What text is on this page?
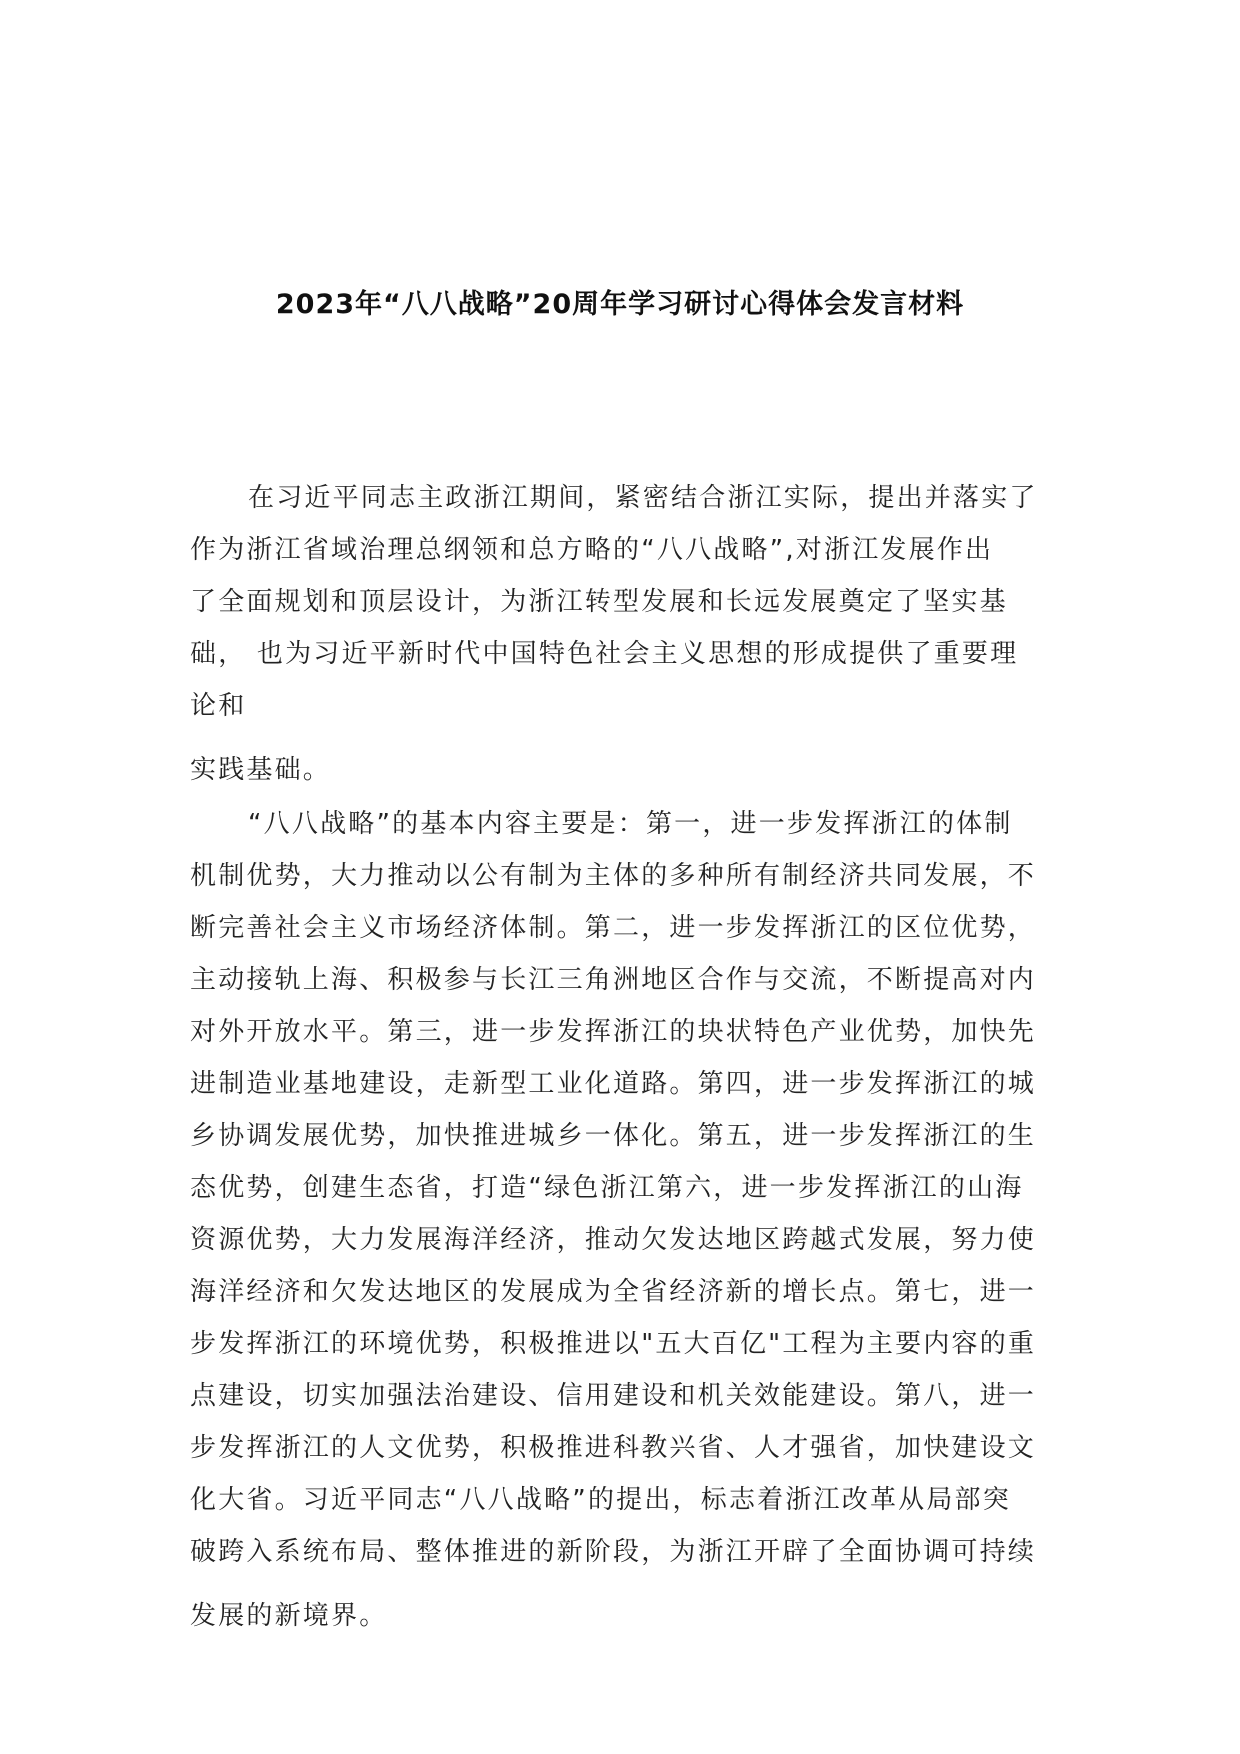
2023年“八八战略”20周年学习研讨心得体会发言材料
在习近平同志主政浙江期间，紧密结合浙江实际，提出并落实了
作为浙江省域治理总纲领和总方略的“八八战略”,对浙江发展作出
了全面规划和顶层设计，为浙江转型发展和长远发展奠定了坚实基
础， 也为习近平新时代中国特色社会主义思想的形成提供了重要理
论和
实践基础。
“八八战略”的基本内容主要是：第一，进一步发挥浙江的体制
机制优势，大力推动以公有制为主体的多种所有制经济共同发展，不
断完善社会主义市场经济体制。第二，进一步发挥浙江的区位优势，
主动接轨上海、积极参与长江三角洲地区合作与交流，不断提高对内
对外开放水平。第三，进一步发挥浙江的块状特色产业优势，加快先
进制造业基地建设，走新型工业化道路。第四，进一步发挥浙江的城
乡协调发展优势，加快推进城乡一体化。第五，进一步发挥浙江的生
态优势，创建生态省，打造“绿色浙江第六，进一步发挥浙江的山海
资源优势，大力发展海洋经济，推动欠发达地区跨越式发展，努力使
海洋经济和欠发达地区的发展成为全省经济新的增长点。第七，进一
步发挥浙江的环境优势，积极推进以"五大百亿"工程为主要内容的重
点建设，切实加强法治建设、信用建设和机关效能建设。第八，进一
步发挥浙江的人文优势，积极推进科教兴省、人才强省，加快建设文
化大省。习近平同志“八八战略”的提出，标志着浙江改革从局部突
破跨入系统布局、整体推进的新阶段，为浙江开辟了全面协调可持续
发展的新境界。
